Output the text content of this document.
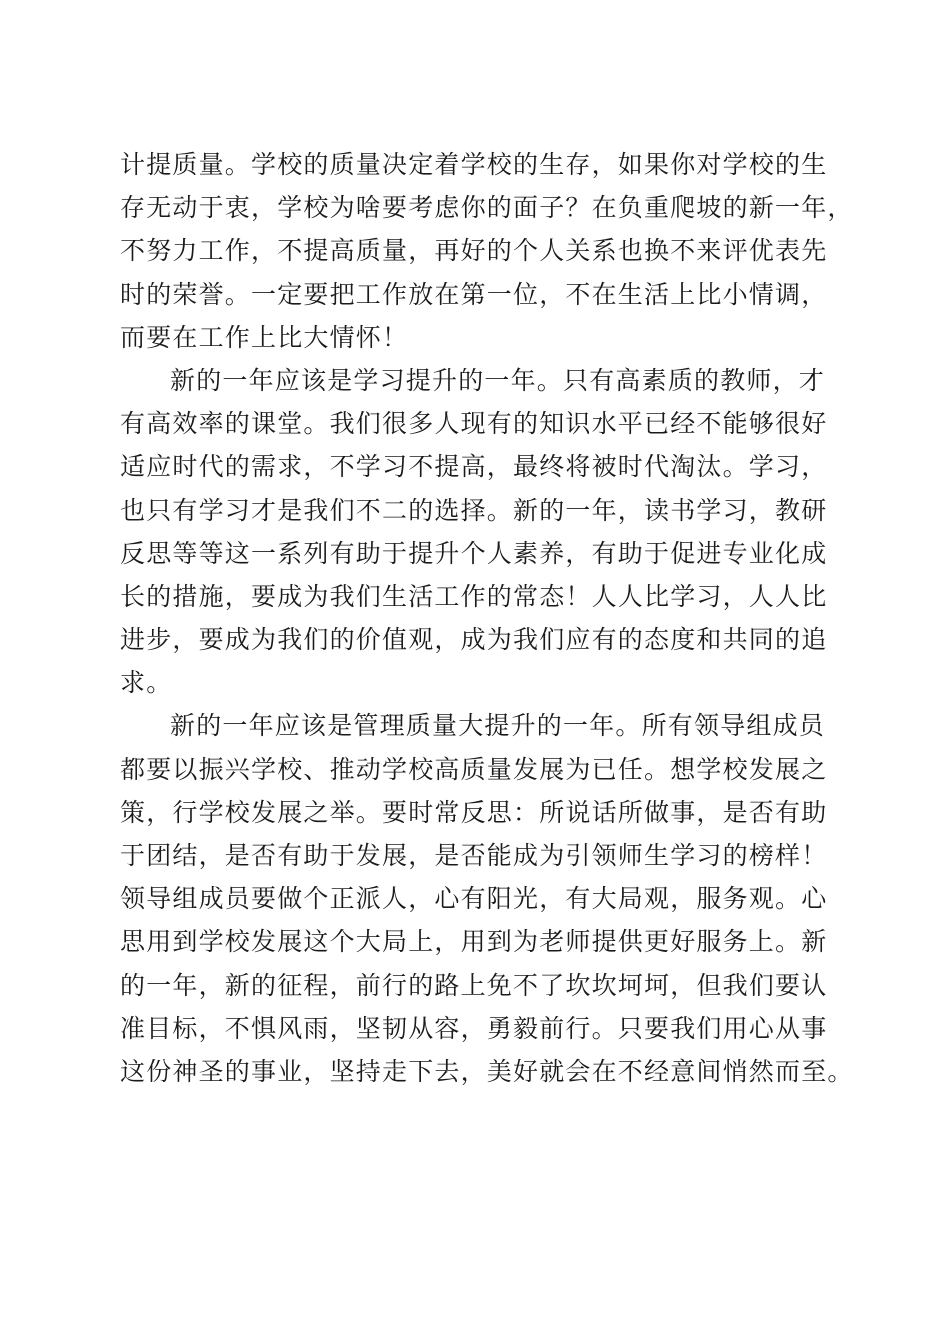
计提质量。学校的质量决定着学校的生存，如果你对学校的生
存无动于衷，学校为啥要考虑你的面子？在负重爬坡的新一年，
不努力工作，不提高质量，再好的个人关系也换不来评优表先
时的荣誉。一定要把工作放在第一位，不在生活上比小情调，
而要在工作上比大情怀！
新的一年应该是学习提升的一年。只有高素质的教师，才
有高效率的课堂。我们很多人现有的知识水平已经不能够很好
适应时代的需求，不学习不提高，最终将被时代淘汰。学习，
也只有学习才是我们不二的选择。新的一年，读书学习，教研
反思等等这一系列有助于提升个人素养，有助于促进专业化成
长的措施，要成为我们生活工作的常态！人人比学习，人人比
进步，要成为我们的价值观，成为我们应有的态度和共同的追
求。
新的一年应该是管理质量大提升的一年。所有领导组成员
都要以振兴学校、推动学校高质量发展为已任。想学校发展之
策，行学校发展之举。要时常反思：所说话所做事，是否有助
于团结，是否有助于发展，是否能成为引领师生学习的榜样！
领导组成员要做个正派人，心有阳光，有大局观，服务观。心
思用到学校发展这个大局上，用到为老师提供更好服务上。新
的一年，新的征程，前行的路上免不了坎坎坷坷，但我们要认
准目标，不惧风雨，坚韧从容，勇毅前行。只要我们用心从事
这份神圣的事业，坚持走下去，美好就会在不经意间悄然而至。
